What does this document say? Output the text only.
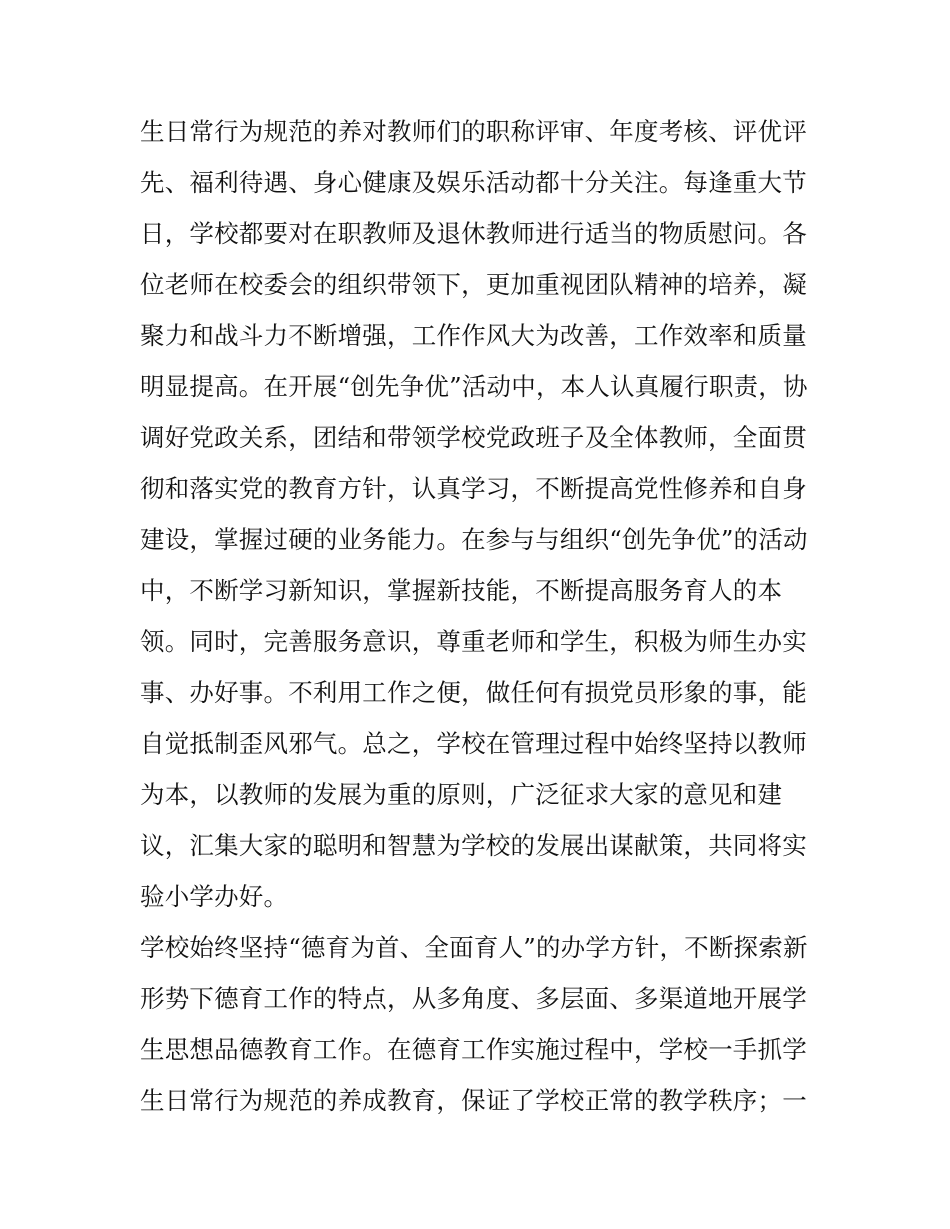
生日常行为规范的养对教师们的职称评审、年度考核、评优评
先、福利待遇、身心健康及娱乐活动都十分关注。每逢重大节
日，学校都要对在职教师及退休教师进行适当的物质慰问。各
位老师在校委会的组织带领下，更加重视团队精神的培养，凝
聚力和战斗力不断增强，工作作风大为改善，工作效率和质量
明显提高。在开展“创先争优”活动中，本人认真履行职责，协
调好党政关系，团结和带领学校党政班子及全体教师，全面贯
彻和落实党的教育方针，认真学习，不断提高党性修养和自身
建设，掌握过硬的业务能力。在参与与组织“创先争优”的活动
中，不断学习新知识，掌握新技能，不断提高服务育人的本
领。同时，完善服务意识，尊重老师和学生，积极为师生办实
事、办好事。不利用工作之便，做任何有损党员形象的事，能
自觉抵制歪风邪气。总之，学校在管理过程中始终坚持以教师
为本，以教师的发展为重的原则，广泛征求大家的意见和建
议，汇集大家的聪明和智慧为学校的发展出谋献策，共同将实
验小学办好。
学校始终坚持“德育为首、全面育人”的办学方针，不断探索新
形势下德育工作的特点，从多角度、多层面、多渠道地开展学
生思想品德教育工作。在德育工作实施过程中，学校一手抓学
生日常行为规范的养成教育，保证了学校正常的教学秩序；一
